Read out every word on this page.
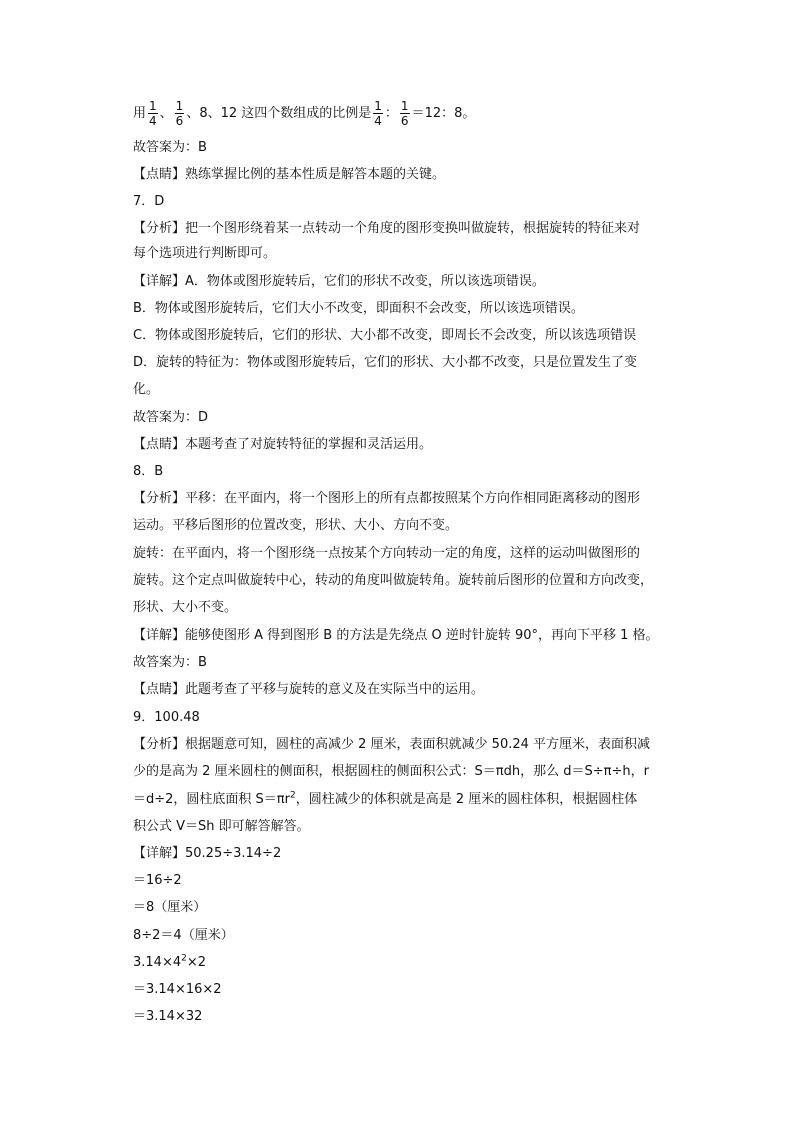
用 $\frac{1}{4}$ 、 $\frac{1}{6}$ 、8、12 这四个数组成的比例是 $\frac{1}{4}$ ： $\frac{1}{6} =12$：8。
故答案为：B
【点睛】熟练掌握比例的基本性质是解答本题的关键。
7．D
【分析】把一个图形绕着某一点转动一个角度的图形变换叫做旋转，根据旋转的特征来对
每个选项进行判断即可。
【详解】A．物体或图形旋转后，它们的形状不改变，所以该选项错误。
B．物体或图形旋转后，它们大小不改变，即面积不会改变，所以该选项错误。
C．物体或图形旋转后，它们的形状、大小都不改变，即周长不会改变，所以该选项错误
D．旋转的特征为：物体或图形旋转后，它们的形状、大小都不改变，只是位置发生了变
化。
故答案为：D
【点睛】本题考查了对旋转特征的掌握和灵活运用。
8．B
【分析】平移：在平面内，将一个图形上的所有点都按照某个方向作相同距离移动的图形
运动。平移后图形的位置改变，形状、大小、方向不变。
旋转：在平面内，将一个图形绕一点按某个方向转动一定的角度，这样的运动叫做图形的
旋转。这个定点叫做旋转中心，转动的角度叫做旋转角。旋转前后图形的位置和方向改变，
形状、大小不变。
【详解】能够使图形 A 得到图形 B 的方法是先绕点 O 逆时针旋转 90°，再向下平移 1 格。
故答案为：B
【点睛】此题考查了平移与旋转的意义及在实际当中的运用。
9．100.48
【分析】根据题意可知，圆柱的高减少 2 厘米，表面积就减少 50.24 平方厘米，表面积减
少的是高为 2 厘米圆柱的侧面积，根据圆柱的侧面积公式：S＝πdh，那么 d＝S÷π÷h，r
＝d÷2，圆柱底面积 $S=\pi r^2$，圆柱减少的体积就是高是 2 厘米的圆柱体积，根据圆柱体
积公式 V＝Sh 即可解答解答。
【详解】50.25÷3.14÷2
＝16÷2
＝8（厘米）
8÷2＝4（厘米）
$3.14\times 4^2\times 2$
＝3.14×16×2
＝3.14×32
